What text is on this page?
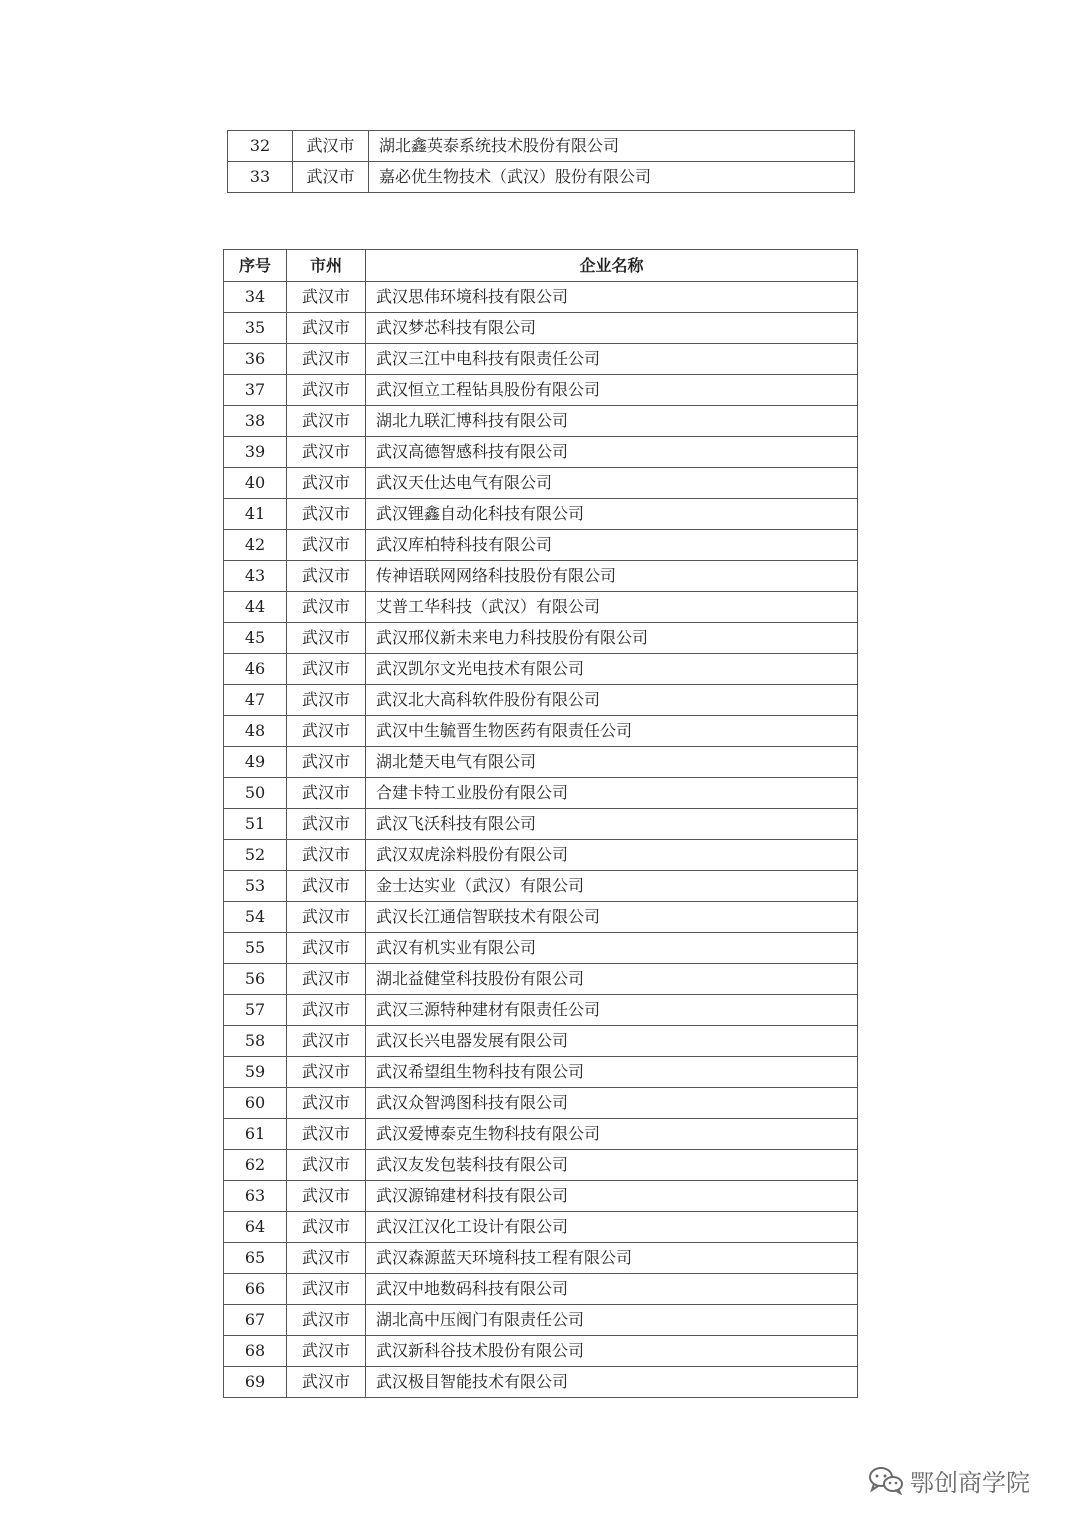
32	武汉市	湖北鑫英泰系统技术股份有限公司
33	武汉市	嘉必优生物技术（武汉）股份有限公司
序号	市州	企业名称
34	武汉市	武汉思伟环境科技有限公司
35	武汉市	武汉梦芯科技有限公司
36	武汉市	武汉三江中电科技有限责任公司
37	武汉市	武汉恒立工程钻具股份有限公司
38	武汉市	湖北九联汇博科技有限公司
39	武汉市	武汉高德智感科技有限公司
40	武汉市	武汉天仕达电气有限公司
41	武汉市	武汉锂鑫自动化科技有限公司
42	武汉市	武汉库柏特科技有限公司
43	武汉市	传神语联网网络科技股份有限公司
44	武汉市	艾普工华科技（武汉）有限公司
45	武汉市	武汉邢仪新未来电力科技股份有限公司
46	武汉市	武汉凯尔文光电技术有限公司
47	武汉市	武汉北大高科软件股份有限公司
48	武汉市	武汉中生毓晋生物医药有限责任公司
49	武汉市	湖北楚天电气有限公司
50	武汉市	合建卡特工业股份有限公司
51	武汉市	武汉飞沃科技有限公司
52	武汉市	武汉双虎涂料股份有限公司
53	武汉市	金士达实业（武汉）有限公司
54	武汉市	武汉长江通信智联技术有限公司
55	武汉市	武汉有机实业有限公司
56	武汉市	湖北益健堂科技股份有限公司
57	武汉市	武汉三源特种建材有限责任公司
58	武汉市	武汉长兴电器发展有限公司
59	武汉市	武汉希望组生物科技有限公司
60	武汉市	武汉众智鸿图科技有限公司
61	武汉市	武汉爱博泰克生物科技有限公司
62	武汉市	武汉友发包装科技有限公司
63	武汉市	武汉源锦建材科技有限公司
64	武汉市	武汉江汉化工设计有限公司
65	武汉市	武汉森源蓝天环境科技工程有限公司
66	武汉市	武汉中地数码科技有限公司
67	武汉市	湖北高中压阀门有限责任公司
68	武汉市	武汉新科谷技术股份有限公司
69	武汉市	武汉极目智能技术有限公司
鄂创商学院
